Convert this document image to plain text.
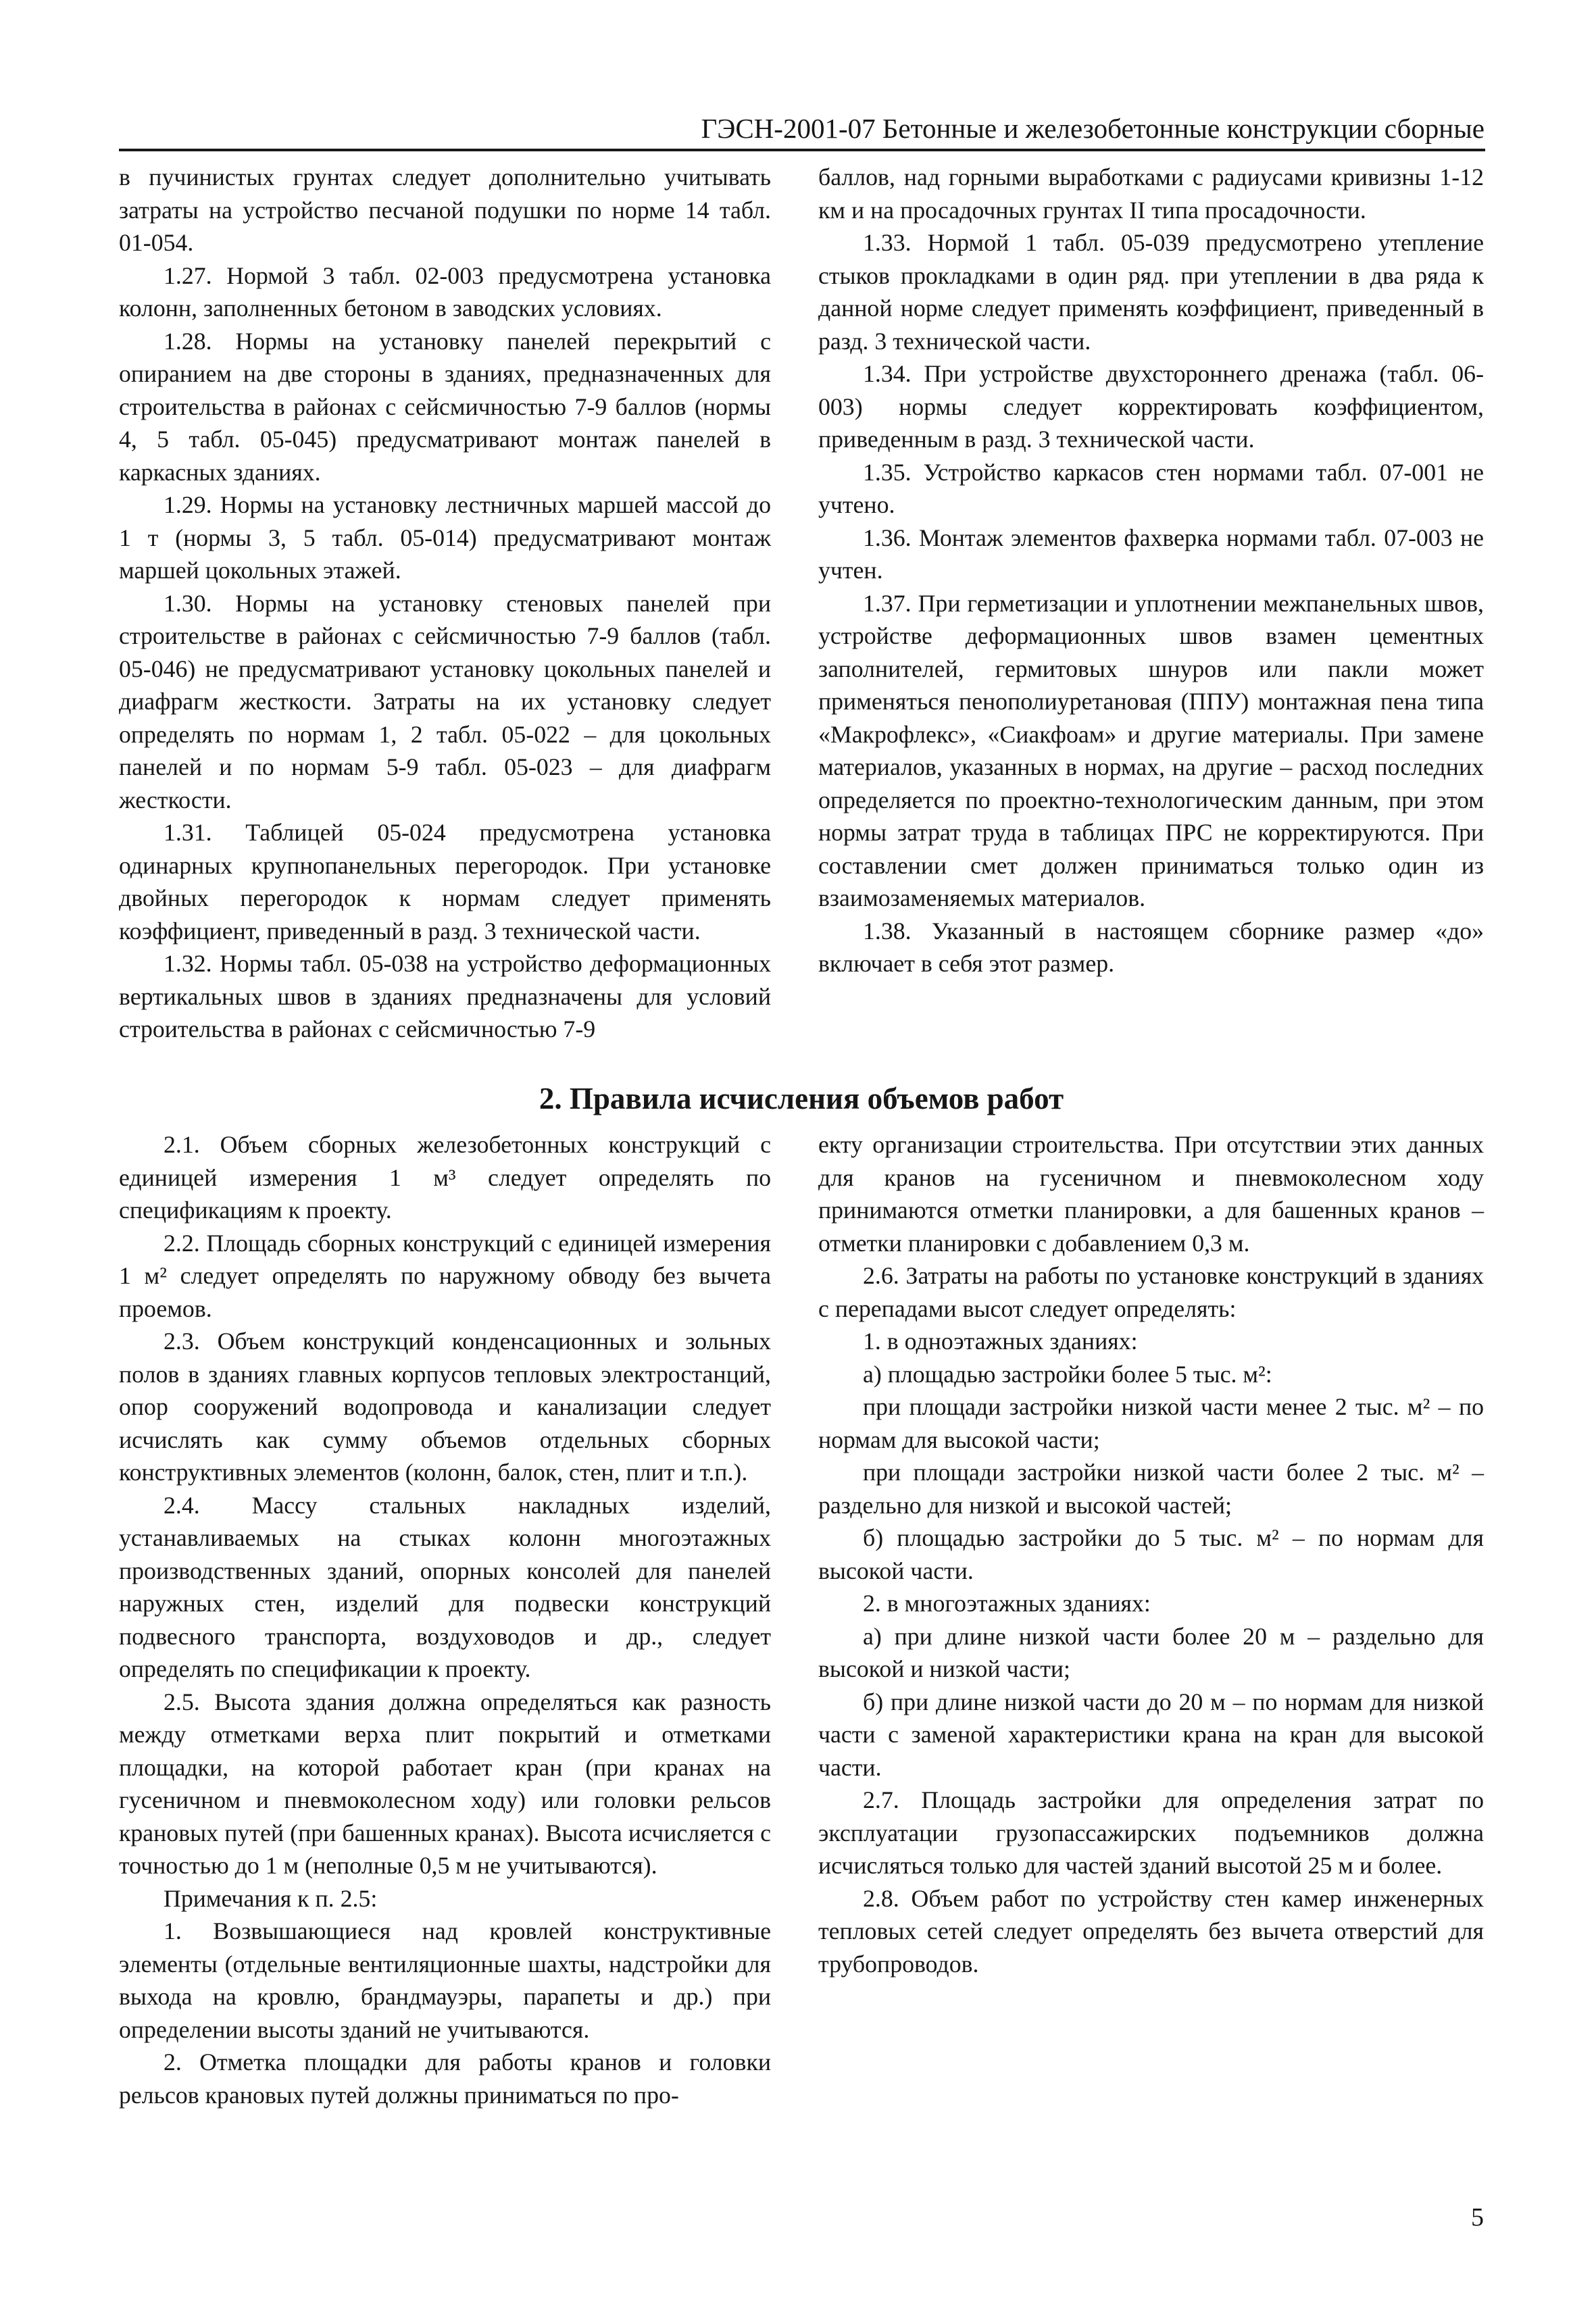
ГЭСН-2001-07 Бетонные и железобетонные конструкции сборные

в пучинистых грунтах следует дополнительно учитывать затраты на устройство песчаной подушки по норме 14 табл. 01-054.

1.27. Нормой 3 табл. 02-003 предусмотрена установка колонн, заполненных бетоном в заводских условиях.

1.28. Нормы на установку панелей перекрытий с опиранием на две стороны в зданиях, предназначенных для строительства в районах с сейсмичностью 7-9 баллов (нормы 4, 5 табл. 05-045) предусматривают монтаж панелей в каркасных зданиях.

1.29. Нормы на установку лестничных маршей массой до 1 т (нормы 3, 5 табл. 05-014) предусматривают монтаж маршей цокольных этажей.

1.30. Нормы на установку стеновых панелей при строительстве в районах с сейсмичностью 7-9 баллов (табл. 05-046) не предусматривают установку цокольных панелей и диафрагм жесткости. Затраты на их установку следует определять по нормам 1, 2 табл. 05-022 – для цокольных панелей и по нормам 5-9 табл. 05-023 – для диафрагм жесткости.

1.31. Таблицей 05-024 предусмотрена установка одинарных крупнопанельных перегородок. При установке двойных перегородок к нормам следует применять коэффициент, приведенный в разд. 3 технической части.

1.32. Нормы табл. 05-038 на устройство деформационных вертикальных швов в зданиях предназначены для условий строительства в районах с сейсмичностью 7-9

баллов, над горными выработками с радиусами кривизны 1-12 км и на просадочных грунтах II типа просадочности.

1.33. Нормой 1 табл. 05-039 предусмотрено утепление стыков прокладками в один ряд. при утеплении в два ряда к данной норме следует применять коэффициент, приведенный в разд. 3 технической части.

1.34. При устройстве двухстороннего дренажа (табл. 06-003) нормы следует корректировать коэффициентом, приведенным в разд. 3 технической части.

1.35. Устройство каркасов стен нормами табл. 07-001 не учтено.

1.36. Монтаж элементов фахверка нормами табл. 07-003 не учтен.

1.37. При герметизации и уплотнении межпанельных швов, устройстве деформационных швов взамен цементных заполнителей, гермитовых шнуров или пакли может применяться пенополиуретановая (ППУ) монтажная пена типа «Макрофлекс», «Сиакфоам» и другие материалы. При замене материалов, указанных в нормах, на другие – расход последних определяется по проектно-технологическим данным, при этом нормы затрат труда в таблицах ПРС не корректируются. При составлении смет должен приниматься только один из взаимозаменяемых материалов.

1.38. Указанный в настоящем сборнике размер «до» включает в себя этот размер.

2. Правила исчисления объемов работ

2.1. Объем сборных железобетонных конструкций с единицей измерения 1 м³ следует определять по спецификациям к проекту.

2.2. Площадь сборных конструкций с единицей измерения 1 м² следует определять по наружному обводу без вычета проемов.

2.3. Объем конструкций конденсационных и зольных полов в зданиях главных корпусов тепловых электростанций, опор сооружений водопровода и канализации следует исчислять как сумму объемов отдельных сборных конструктивных элементов (колонн, балок, стен, плит и т.п.).

2.4. Массу стальных накладных изделий, устанавливаемых на стыках колонн многоэтажных производственных зданий, опорных консолей для панелей наружных стен, изделий для подвески конструкций подвесного транспорта, воздуховодов и др., следует определять по спецификации к проекту.

2.5. Высота здания должна определяться как разность между отметками верха плит покрытий и отметками площадки, на которой работает кран (при кранах на гусеничном и пневмоколесном ходу) или головки рельсов крановых путей (при башенных кранах). Высота исчисляется с точностью до 1 м (неполные 0,5 м не учитываются).

Примечания к п. 2.5:

1. Возвышающиеся над кровлей конструктивные элементы (отдельные вентиляционные шахты, надстройки для выхода на кровлю, брандмауэры, парапеты и др.) при определении высоты зданий не учитываются.

2. Отметка площадки для работы кранов и головки рельсов крановых путей должны приниматься по про-

екту организации строительства. При отсутствии этих данных для кранов на гусеничном и пневмоколесном ходу принимаются отметки планировки, а для башенных кранов – отметки планировки с добавлением 0,3 м.

2.6. Затраты на работы по установке конструкций в зданиях с перепадами высот следует определять:

1. в одноэтажных зданиях:

а) площадью застройки более 5 тыс. м²:

при площади застройки низкой части менее 2 тыс. м² – по нормам для высокой части;

при площади застройки низкой части более 2 тыс. м² – раздельно для низкой и высокой частей;

б) площадью застройки до 5 тыс. м² – по нормам для высокой части.

2. в многоэтажных зданиях:

а) при длине низкой части более 20 м – раздельно для высокой и низкой части;

б) при длине низкой части до 20 м – по нормам для низкой части с заменой характеристики крана на кран для высокой части.

2.7. Площадь застройки для определения затрат по эксплуатации грузопассажирских подъемников должна исчисляться только для частей зданий высотой 25 м и более.

2.8. Объем работ по устройству стен камер инженерных тепловых сетей следует определять без вычета отверстий для трубопроводов.

5
